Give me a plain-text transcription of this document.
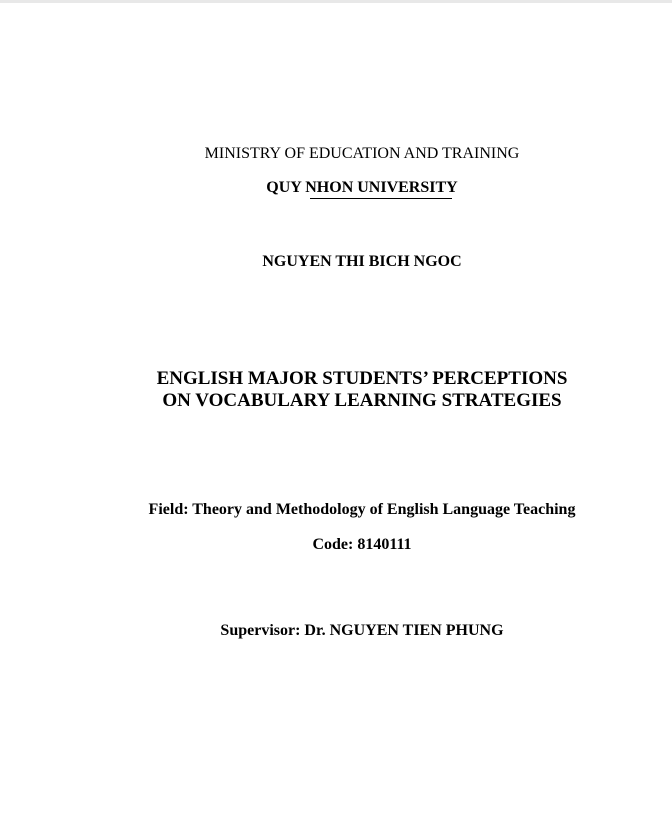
MINISTRY OF EDUCATION AND TRAINING
QUY NHON UNIVERSITY
NGUYEN THI BICH NGOC
ENGLISH MAJOR STUDENTS’ PERCEPTIONS
ON VOCABULARY LEARNING STRATEGIES
Field: Theory and Methodology of English Language Teaching
Code: 8140111
Supervisor: Dr. NGUYEN TIEN PHUNG
